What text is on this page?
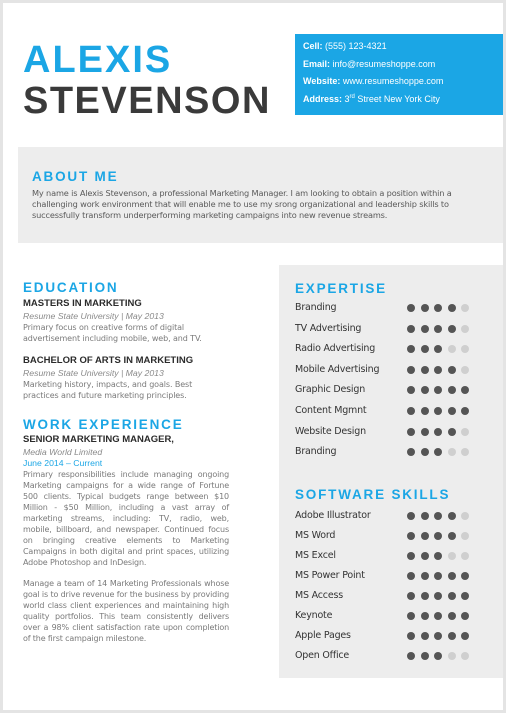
ALEXIS
STEVENSON
Cell: (555) 123-4321
Email: info@resumeshoppe.com
Website: www.resumeshoppe.com
Address: 3rd Street New York City
ABOUT ME
My name is Alexis Stevenson, a professional Marketing Manager. I am looking to obtain a position within a challenging work environment that will enable me to use my srong organizational and leadership skills to successfully transform underperforming marketing campaigns into new revenue streams.
EDUCATION
MASTERS IN MARKETING
Resume State University | May 2013
Primary focus on creative forms of digital advertisement including mobile, web, and TV.
BACHELOR OF ARTS IN MARKETING
Resume State University | May 2013
Marketing history, impacts, and goals. Best practices and future marketing principles.
WORK EXPERIENCE
SENIOR MARKETING MANAGER,
Media World Limited
June 2014 – Current
Primary responsibilities include managing ongoing Marketing campaigns for a wide range of Fortune 500 clients. Typical budgets range between $10 Million - $50 Million, including a vast array of marketing streams, including: TV, radio, web, mobile, billboard, and newspaper. Continued focus on bringing creative elements to Marketing Campaigns in both digital and print spaces, utilizing Adobe Photoshop and InDesign.
Manage a team of 14 Marketing Professionals whose goal is to drive revenue for the business by providing world class client experiences and maintaining high quality portfolios. This team consistently delivers over a 98% client satisfaction rate upon completion of the first campaign milestone.
EXPERTISE
Branding
TV Advertising
Radio Advertising
Mobile Advertising
Graphic Design
Content Mgmnt
Website Design
Branding
SOFTWARE SKILLS
Adobe Illustrator
MS Word
MS Excel
MS Power Point
MS Access
Keynote
Apple Pages
Open Office
